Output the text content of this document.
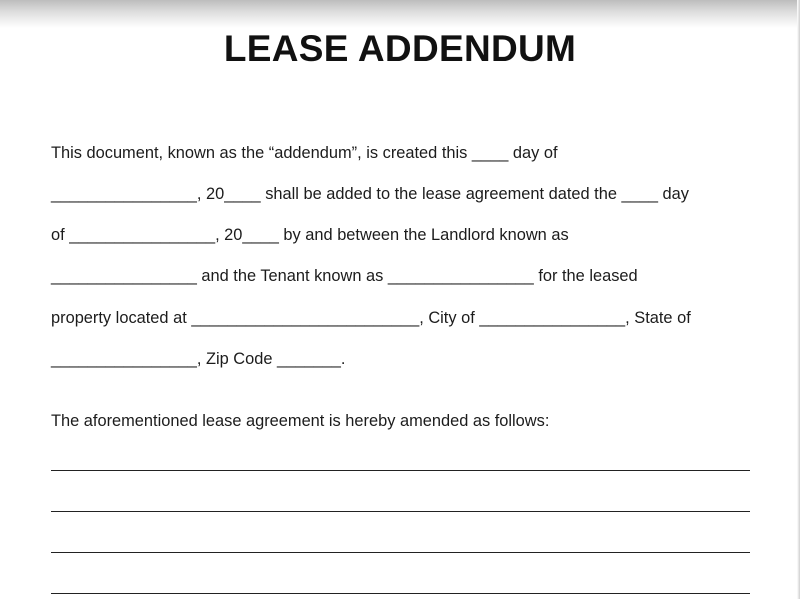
LEASE ADDENDUM
This document, known as the “addendum”, is created this ____ day of
________________, 20____ shall be added to the lease agreement dated the ____ day
of ________________, 20____ by and between the Landlord known as
________________ and the Tenant known as ________________ for the leased
property located at _________________________, City of ________________, State of
________________, Zip Code _______.
The aforementioned lease agreement is hereby amended as follows:
